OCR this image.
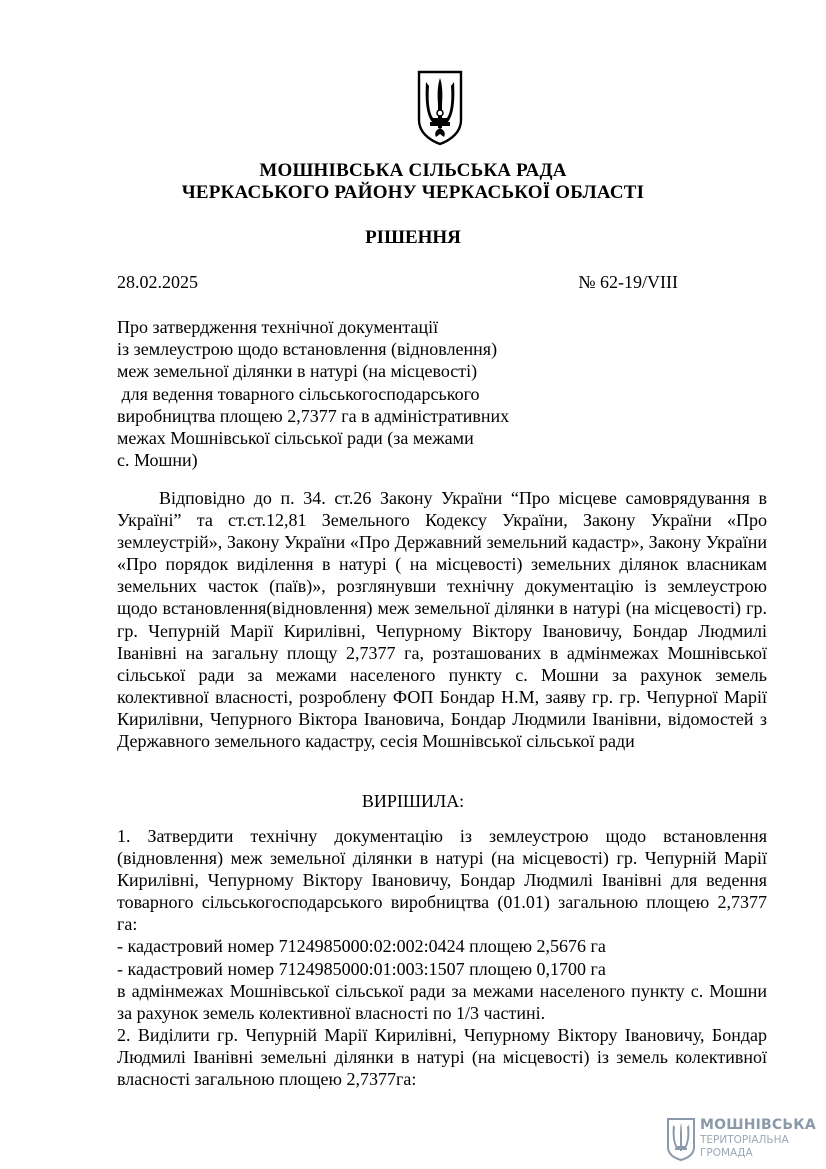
МОШНІВСЬКА СІЛЬСЬКА РАДА
ЧЕРКАСЬКОГО РАЙОНУ ЧЕРКАСЬКОЇ ОБЛАСТІ
РІШЕННЯ
28.02.2025	№ 62-19/VIII
Про затвердження технічної документації
із землеустрою щодо встановлення (відновлення)
меж земельної ділянки в натурі (на місцевості)
для ведення товарного сільськогосподарського
виробництва площею 2,7377 га в адміністративних
межах Мошнівської сільської ради (за межами
с. Мошни)
Відповідно до п. 34. ст.26 Закону України “Про місцеве самоврядування в Україні” та ст.ст.12,81 Земельного Кодексу України, Закону України «Про землеустрій», Закону України «Про Державний земельний кадастр», Закону України «Про порядок виділення в натурі ( на місцевості) земельних ділянок власникам земельних часток (паїв)», розглянувши технічну документацію із землеустрою щодо встановлення(відновлення) меж земельної ділянки в натурі (на місцевості) гр. гр. Чепурній Марії Кирилівні, Чепурному Віктору Івановичу, Бондар Людмилі Іванівні на загальну площу 2,7377 га, розташованих в адмінмежах Мошнівської сільської ради за межами населеного пункту с. Мошни за рахунок земель колективної власності, розроблену ФОП Бондар Н.М, заяву гр. гр. Чепурної Марії Кирилівни, Чепурного Віктора Івановича, Бондар Людмили Іванівни, відомостей з Державного земельного кадастру, сесія Мошнівської сільської ради
ВИРІШИЛА:

1. Затвердити технічну документацію із землеустрою щодо встановлення (відновлення) меж земельної ділянки в натурі (на місцевості) гр. Чепурній Марії Кирилівні, Чепурному Віктору Івановичу, Бондар Людмилі Іванівні для ведення товарного сільськогосподарського виробництва (01.01) загальною площею 2,7377 га:

- кадастровий номер 7124985000:02:002:0424 площею 2,5676 га

- кадастровий номер 7124985000:01:003:1507 площею 0,1700 га

в адмінмежах Мошнівської сільської ради за межами населеного пункту с. Мошни за рахунок земель колективної власності по 1/3 частині.

2. Виділити гр. Чепурній Марії Кирилівні, Чепурному Віктору Івановичу, Бондар Людмилі Іванівні земельні ділянки в натурі (на місцевості) із земель колективної власності загальною площею 2,7377га:

МОШНІВСЬКА
ТЕРИТОРІАЛЬНА
ГРОМАДА
